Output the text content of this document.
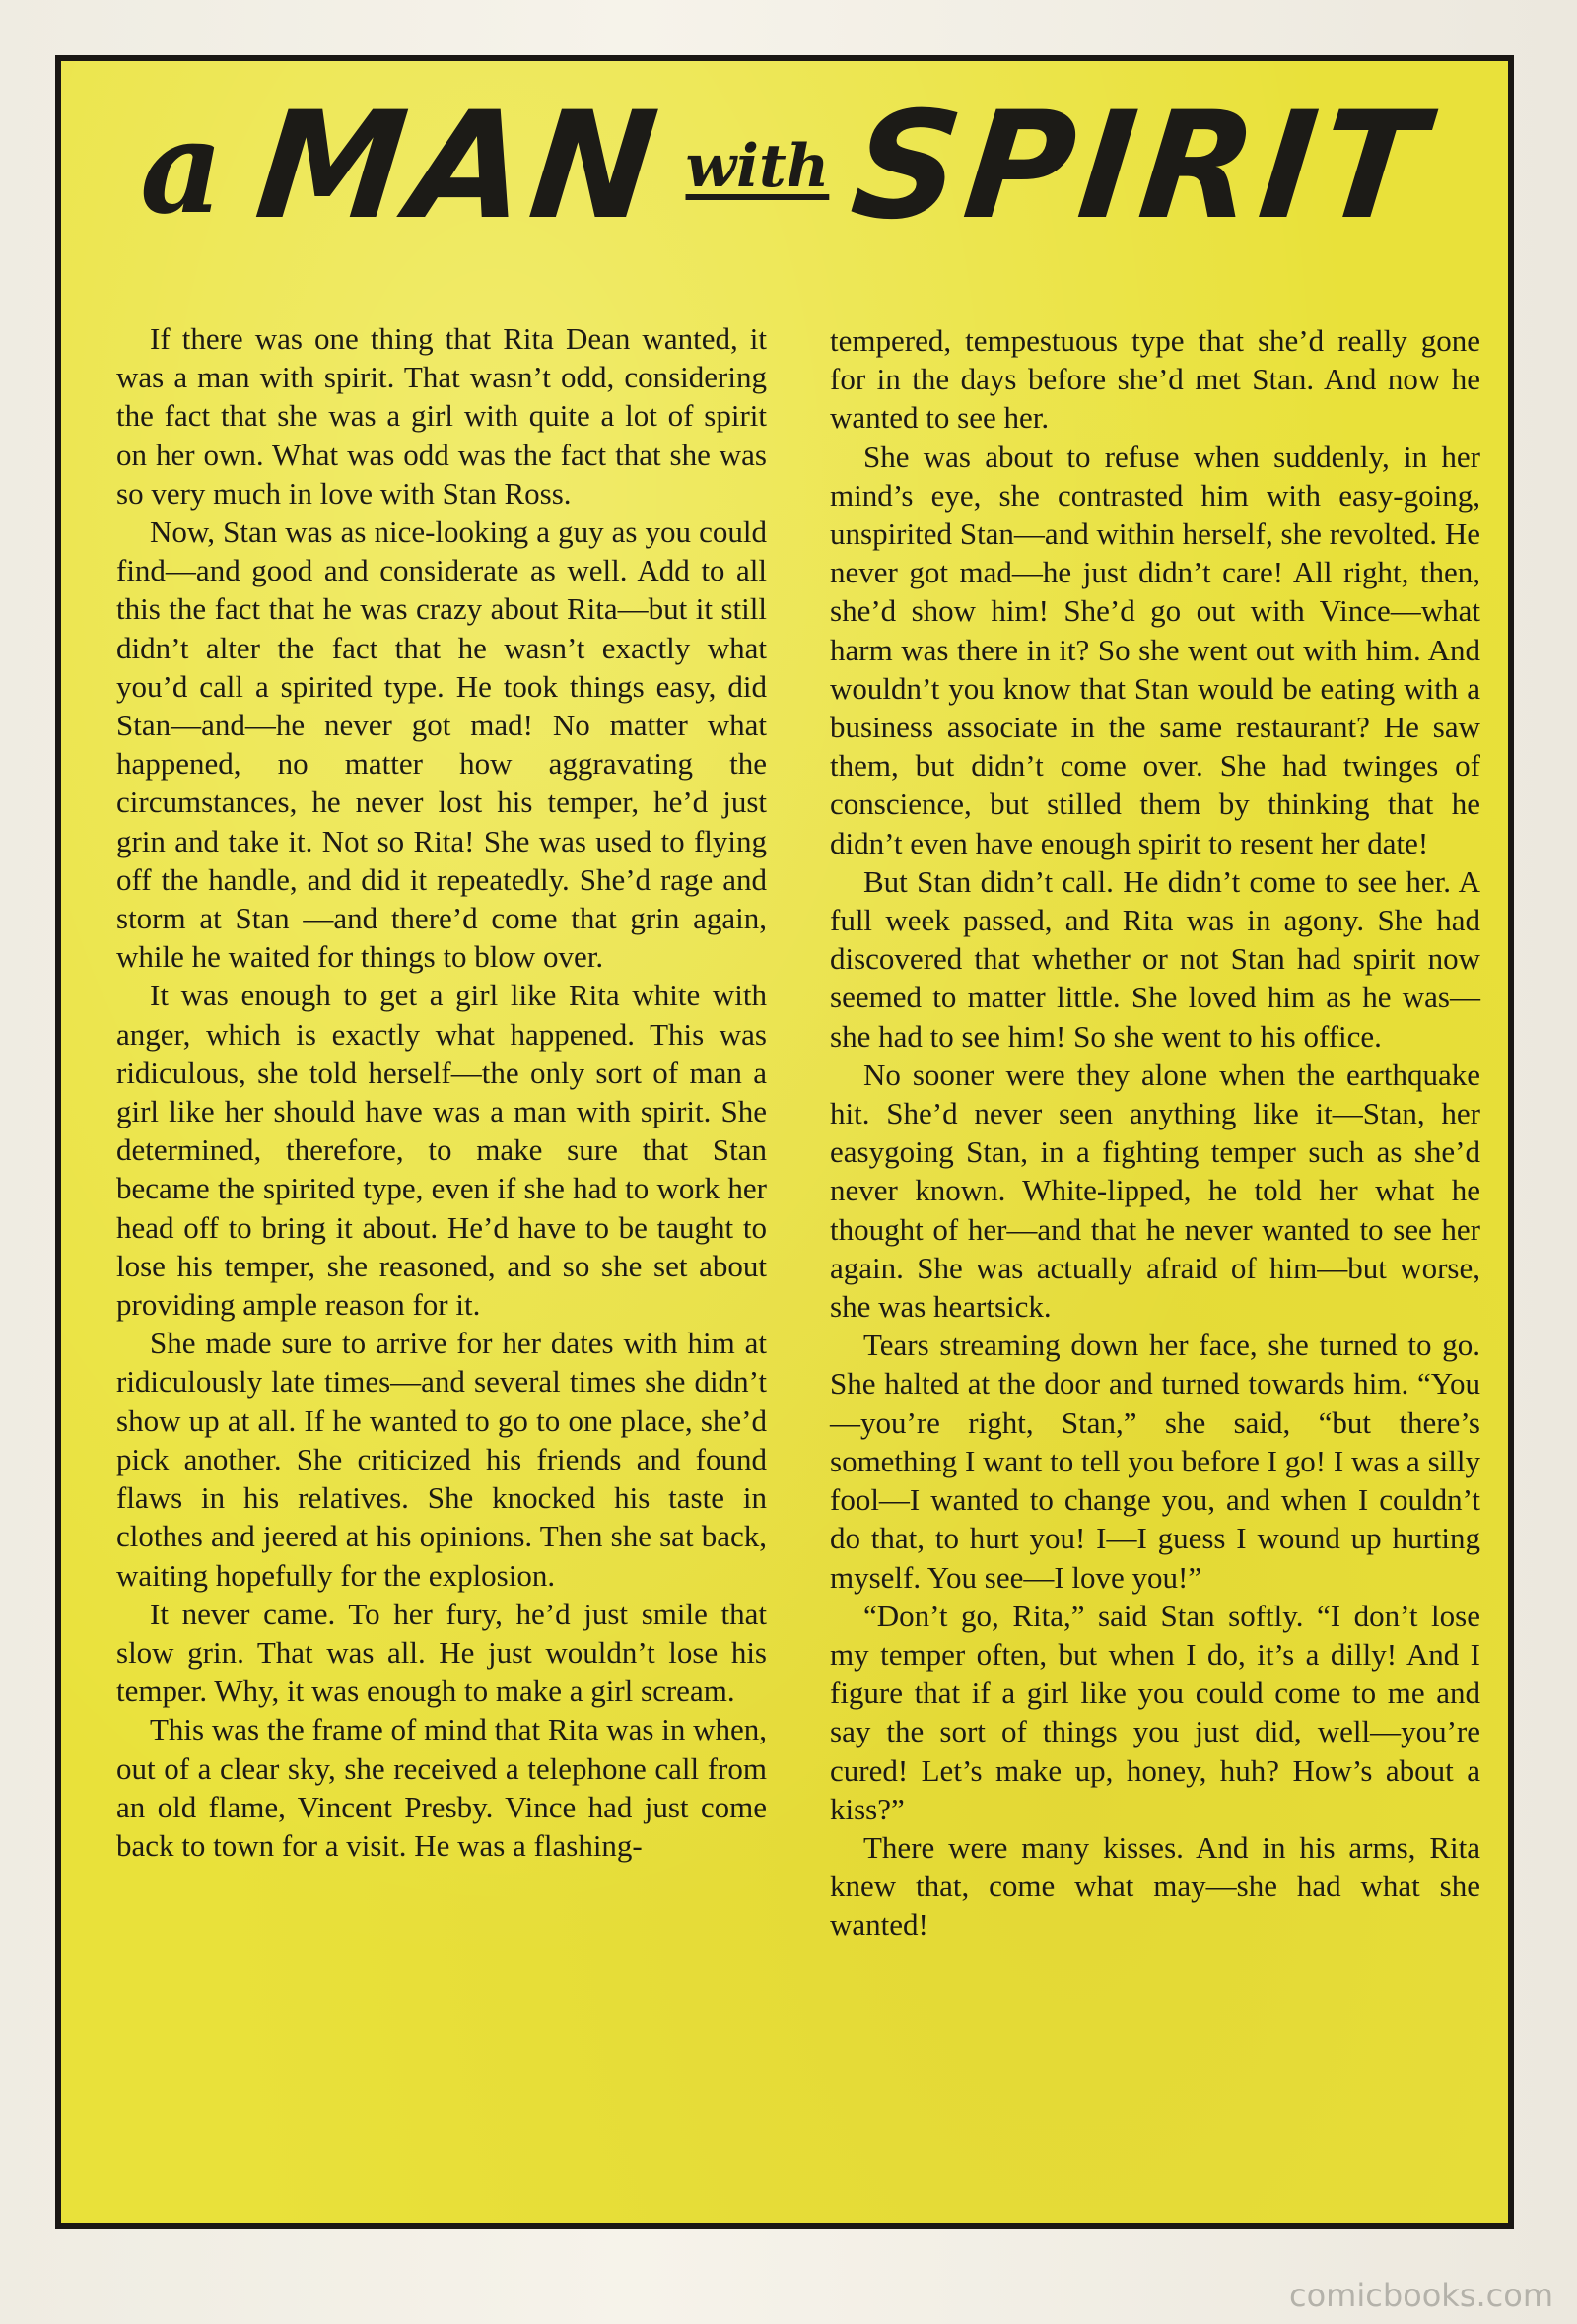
a MAN with SPIRIT

If there was one thing that Rita Dean wanted, it was a man with spirit. That wasn’t odd, considering the fact that she was a girl with quite a lot of spirit on her own. What was odd was the fact that she was so very much in love with Stan Ross.

Now, Stan was as nice-looking a guy as you could find—and good and considerate as well. Add to all this the fact that he was crazy about Rita—but it still didn’t alter the fact that he wasn’t exactly what you’d call a spirited type. He took things easy, did Stan—and—he never got mad! No matter what happened, no matter how aggravating the circumstances, he never lost his temper, he’d just grin and take it. Not so Rita! She was used to flying off the handle, and did it repeatedly. She’d rage and storm at Stan —and there’d come that grin again, while he waited for things to blow over.

It was enough to get a girl like Rita white with anger, which is exactly what happened. This was ridiculous, she told herself—the only sort of man a girl like her should have was a man with spirit. She determined, therefore, to make sure that Stan became the spirited type, even if she had to work her head off to bring it about. He’d have to be taught to lose his temper, she reasoned, and so she set about providing ample reason for it.

She made sure to arrive for her dates with him at ridiculously late times—and several times she didn’t show up at all. If he wanted to go to one place, she’d pick another. She criticized his friends and found flaws in his relatives. She knocked his taste in clothes and jeered at his opinions. Then she sat back, waiting hopefully for the explosion.

It never came. To her fury, he’d just smile that slow grin. That was all. He just wouldn’t lose his temper. Why, it was enough to make a girl scream.

This was the frame of mind that Rita was in when, out of a clear sky, she received a telephone call from an old flame, Vincent Presby. Vince had just come back to town for a visit. He was a flashing-

tempered, tempestuous type that she’d really gone for in the days before she’d met Stan. And now he wanted to see her.

She was about to refuse when suddenly, in her mind’s eye, she contrasted him with easy-going, unspirited Stan—and within herself, she revolted. He never got mad—he just didn’t care! All right, then, she’d show him! She’d go out with Vince—what harm was there in it? So she went out with him. And wouldn’t you know that Stan would be eating with a business associate in the same restaurant? He saw them, but didn’t come over. She had twinges of conscience, but stilled them by thinking that he didn’t even have enough spirit to resent her date!

But Stan didn’t call. He didn’t come to see her. A full week passed, and Rita was in agony. She had discovered that whether or not Stan had spirit now seemed to matter little. She loved him as he was—she had to see him! So she went to his office.

No sooner were they alone when the earthquake hit. She’d never seen anything like it—Stan, her easygoing Stan, in a fighting temper such as she’d never known. White-lipped, he told her what he thought of her—and that he never wanted to see her again. She was actually afraid of him—but worse, she was heartsick.

Tears streaming down her face, she turned to go. She halted at the door and turned towards him. “You—you’re right, Stan,” she said, “but there’s something I want to tell you before I go! I was a silly fool—I wanted to change you, and when I couldn’t do that, to hurt you! I—I guess I wound up hurting myself. You see—I love you!”

“Don’t go, Rita,” said Stan softly. “I don’t lose my temper often, but when I do, it’s a dilly! And I figure that if a girl like you could come to me and say the sort of things you just did, well—you’re cured! Let’s make up, honey, huh? How’s about a kiss?”

There were many kisses. And in his arms, Rita knew that, come what may—she had what she wanted!

comicbooks.com
